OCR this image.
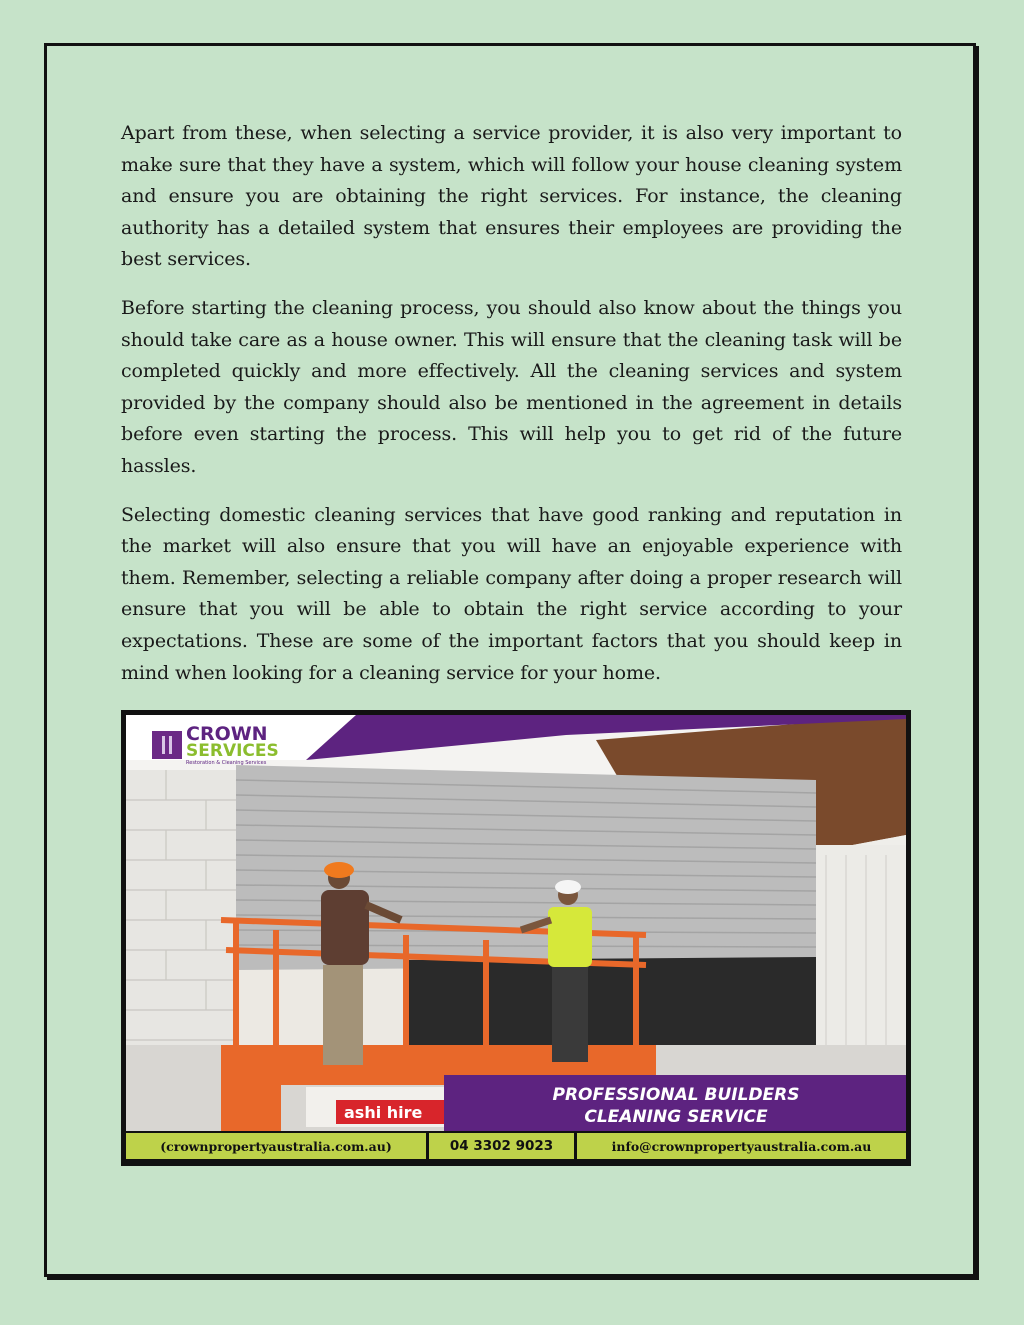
Apart from these, when selecting a service provider, it is also very important to make sure that they have a system, which will follow your house cleaning system and ensure you are obtaining the right services. For instance, the cleaning authority has a detailed system that ensures their employees are providing the best services.

Before starting the cleaning process, you should also know about the things you should take care as a house owner. This will ensure that the cleaning task will be completed quickly and more effectively. All the cleaning services and system provided by the company should also be mentioned in the agreement in details before even starting the process. This will help you to get rid of the future hassles.

Selecting domestic cleaning services that have good ranking and reputation in the market will also ensure that you will have an enjoyable experience with them. Remember, selecting a reliable company after doing a proper research will ensure that you will be able to obtain the right service according to your expectations. These are some of the important factors that you should keep in mind when looking for a cleaning service for your home.

ashi hire
CROWN
SERVICES
Restoration & Cleaning Services
PROFESSIONAL BUILDERS
CLEANING SERVICE
(crownpropertyaustralia.com.au)	04 3302 9023	info@crownpropertyaustralia.com.au
